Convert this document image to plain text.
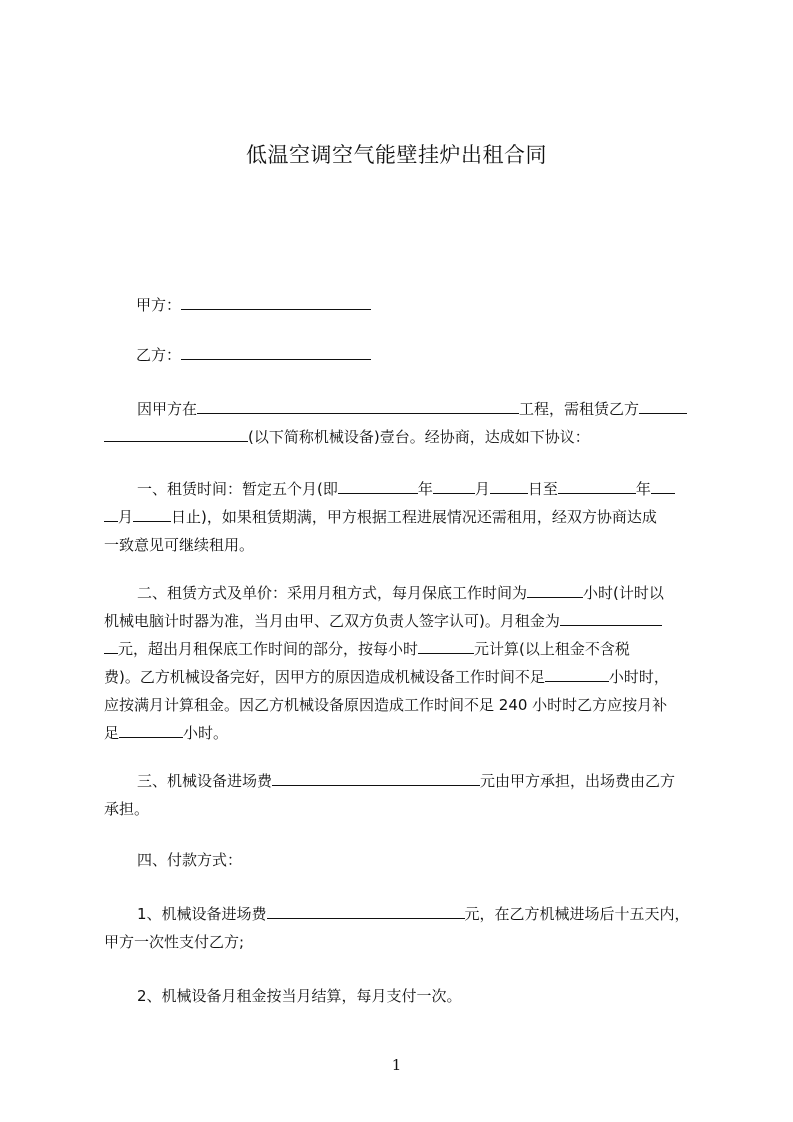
低温空调空气能壁挂炉出租合同
甲方：
乙方：
因甲方在	工程，需租赁乙方
(以下简称机械设备)壹台。经协商，达成如下协议：
一、租赁时间：暂定五个月(即	年	月	日至	年
月	日止)，如果租赁期满，甲方根据工程进展情况还需租用，经双方协商达成
一致意见可继续租用。
二、租赁方式及单价：采用月租方式，每月保底工作时间为	小时(计时以
机械电脑计时器为准，当月由甲、乙双方负责人签字认可)。月租金为
元，超出月租保底工作时间的部分，按每小时	元计算(以上租金不含税
费)。乙方机械设备完好，因甲方的原因造成机械设备工作时间不足	小时时，
应按满月计算租金。因乙方机械设备原因造成工作时间不足 240 小时时乙方应按月补
足	小时。
三、机械设备进场费	元由甲方承担，出场费由乙方
承担。
四、付款方式：
1、机械设备进场费	元，在乙方机械进场后十五天内，
甲方一次性支付乙方;
2、机械设备月租金按当月结算，每月支付一次。
1
